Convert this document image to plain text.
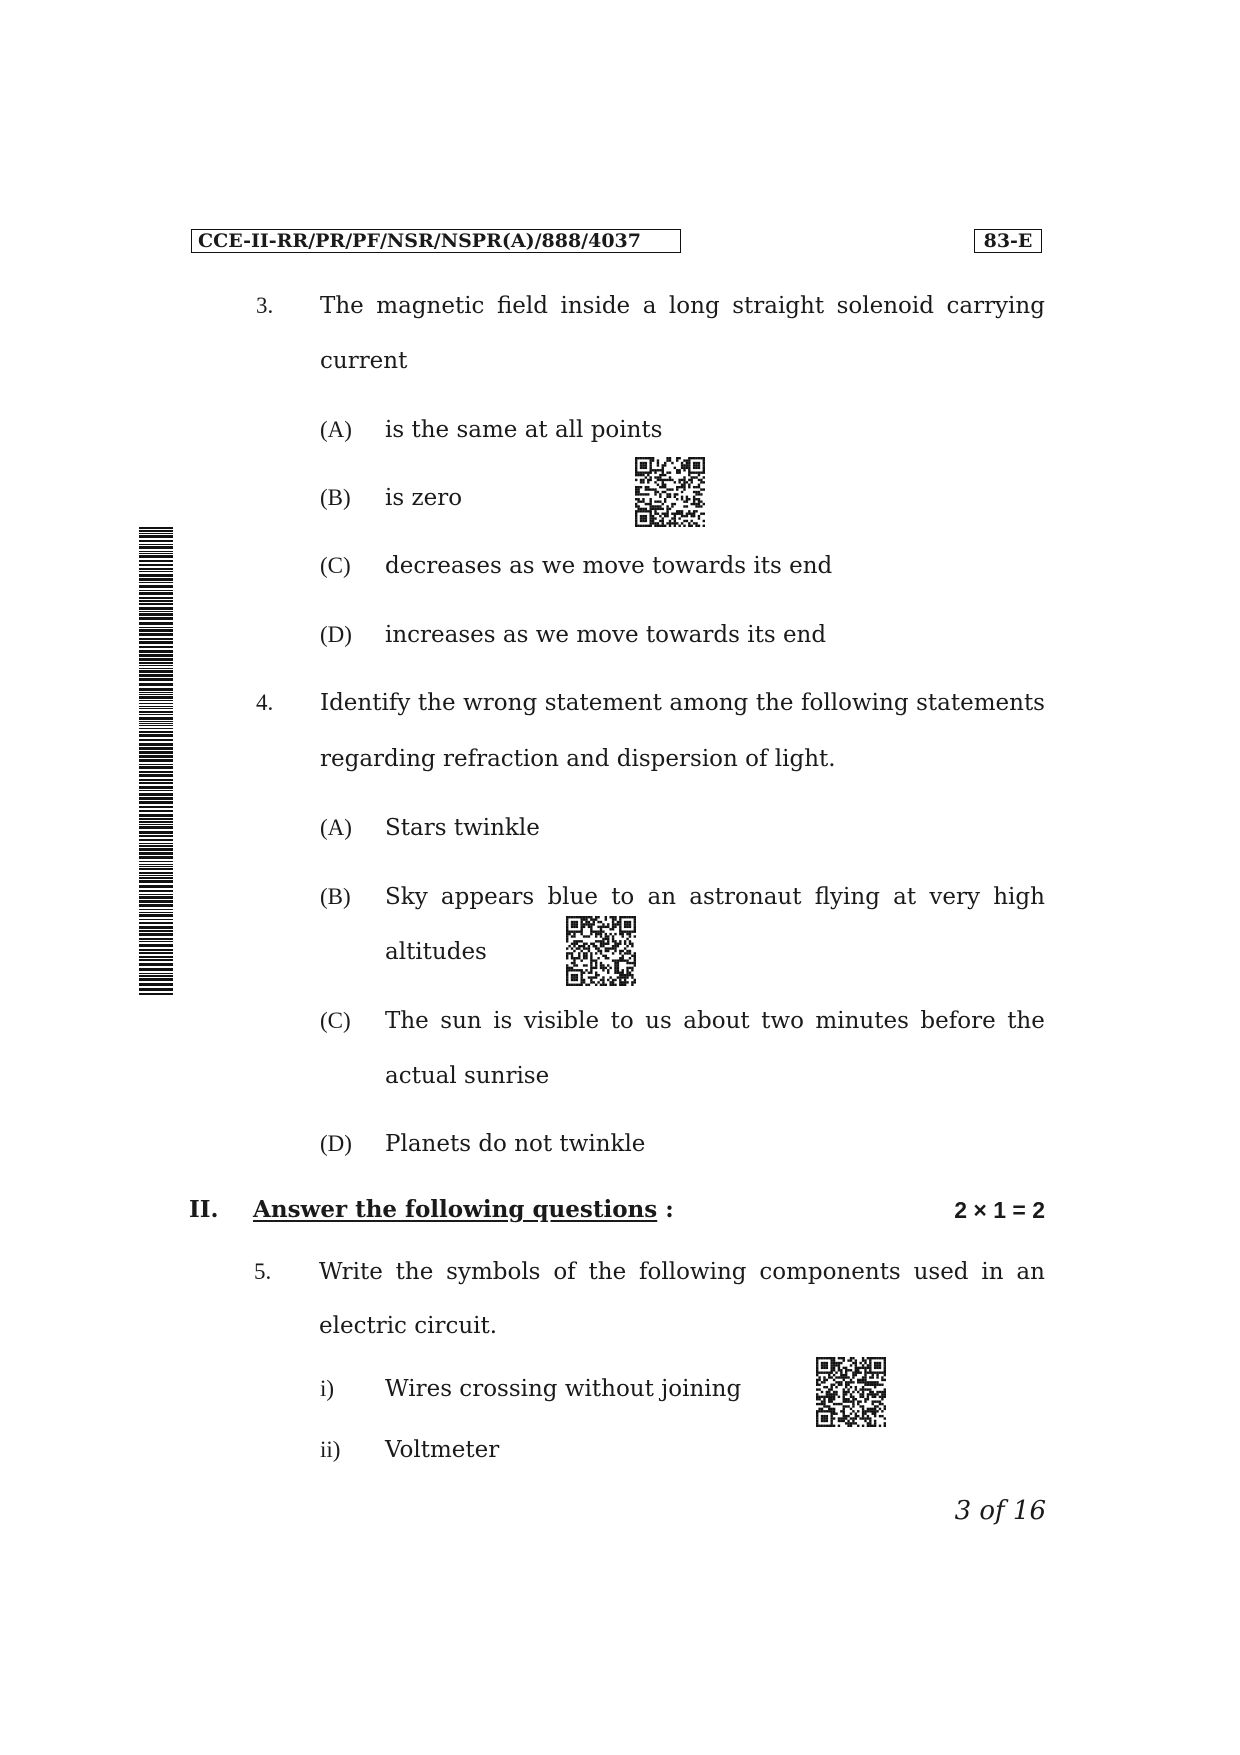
CCE-II-RR/PR/PF/NSR/NSPR(A)/888/4037	83-E
3. The magnetic field inside a long straight solenoid carrying
current
(A) is the same at all points
(B) is zero
(C) decreases as we move towards its end
(D) increases as we move towards its end
4. Identify the wrong statement among the following statements
regarding refraction and dispersion of light.
(A) Stars twinkle
(B) Sky appears blue to an astronaut flying at very high
altitudes
(C) The sun is visible to us about two minutes before the
actual sunrise
(D) Planets do not twinkle
II. Answer the following questions :	2 × 1 = 2
5. Write the symbols of the following components used in an
electric circuit.
i) Wires crossing without joining
ii) Voltmeter
3 of 16
